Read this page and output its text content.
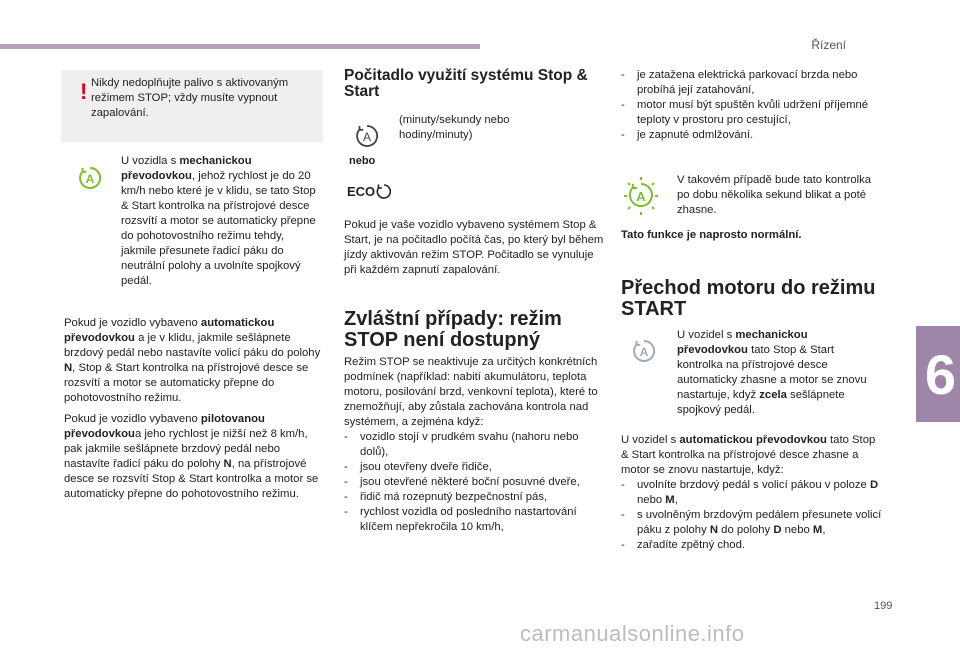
Řízení
6
199
carmanualsonline.info
! Nikdy nedoplňujte palivo s aktivovaným režimem STOP; vždy musíte vypnout zapalování.

A

U vozidla s mechanickou převodovkou, jehož rychlost je do 20 km/h nebo které je v klidu, se tato Stop & Start kontrolka na přístrojové desce rozsvítí a motor se automaticky přepne do pohotovostního režimu tehdy, jakmile přesunete řadicí páku do neutrální polohy a uvolníte spojkový pedál.

Pokud je vozidlo vybaveno automatickou převodovkou a je v klidu, jakmile sešlápnete brzdový pedál nebo nastavíte volicí páku do polohy N, Stop & Start kontrolka na přístrojové desce se rozsvítí a motor se automaticky přepne do pohotovostního režimu.

Pokud je vozidlo vybaveno pilotovanou převodovkoua jeho rychlost je nižší než 8 km/h, pak jakmile sešlápnete brzdový pedál nebo nastavíte řadicí páku do polohy N, na přístrojové desce se rozsvítí Stop & Start kontrolka a motor se automaticky přepne do pohotovostního režimu.

Počitadlo využití systému Stop & Start
A

(minuty/sekundy nebo hodiny/minuty)

nebo
ECO

Pokud je vaše vozidlo vybaveno systémem Stop & Start, je na počitadlo počítá čas, po který byl během jízdy aktivován režim STOP. Počitadlo se vynuluje při každém zapnutí zapalování.

Zvláštní případy: režim STOP není dostupný

Režim STOP se neaktivuje za určitých konkrétních podmínek (například: nabití akumulátoru, teplota motoru, posilování brzd, venkovní teplota), které to znemožňují, aby zůstala zachována kontrola nad systémem, a zejména když:

- vozidlo stojí v prudkém svahu (nahoru nebo dolů),
- jsou otevřeny dveře řidiče,
- jsou otevřené některé boční posuvné dveře,
- řidič má rozepnutý bezpečnostní pás,
- rychlost vozidla od posledního nastartování klíčem nepřekročila 10 km/h,
- je zatažena elektrická parkovací brzda nebo probíhá její zatahování,
- motor musí být spuštěn kvůli udržení příjemné teploty v prostoru pro cestující,
- je zapnuté odmlžování.
A

V takovém případě bude tato kontrolka po dobu několika sekund blikat a poté zhasne.

Tato funkce je naprosto normální.

Přechod motoru do režimu START
A

U vozidel s mechanickou převodovkou tato Stop & Start kontrolka na přístrojové desce automaticky zhasne a motor se znovu nastartuje, když zcela sešlápnete spojkový pedál.

U vozidel s automatickou převodovkou tato Stop & Start kontrolka na přístrojové desce zhasne a motor se znovu nastartuje, když:

- uvolníte brzdový pedál s volicí pákou v poloze D nebo M,
- s uvolněným brzdovým pedálem přesunete volicí páku z polohy N do polohy D nebo M,
- zařadíte zpětný chod.
